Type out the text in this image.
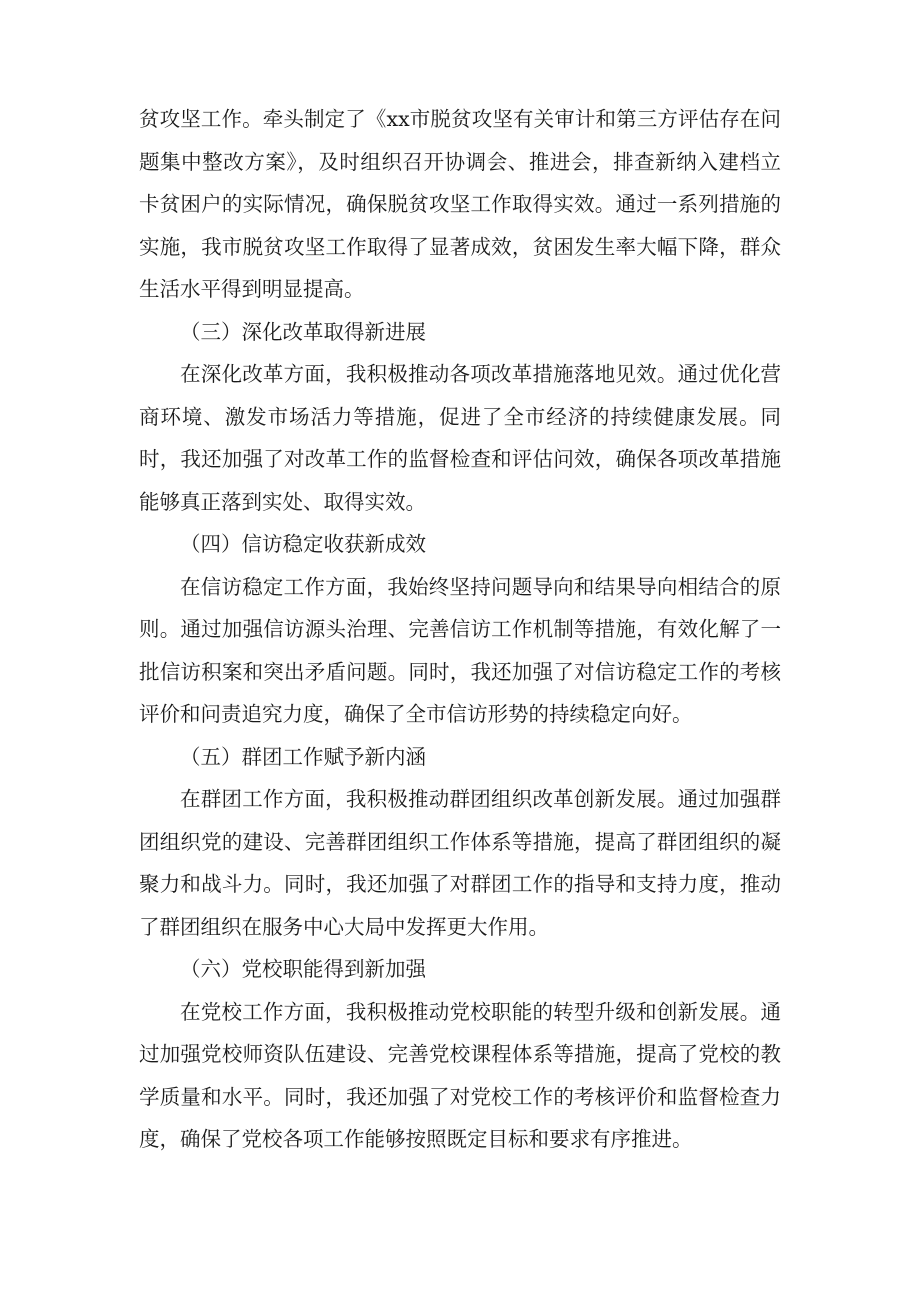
贫攻坚工作。牵头制定了《xx市脱贫攻坚有关审计和第三方评估存在问题集中整改方案》，及时组织召开协调会、推进会，排查新纳入建档立卡贫困户的实际情况，确保脱贫攻坚工作取得实效。通过一系列措施的实施，我市脱贫攻坚工作取得了显著成效，贫困发生率大幅下降，群众生活水平得到明显提高。

（三）深化改革取得新进展

在深化改革方面，我积极推动各项改革措施落地见效。通过优化营商环境、激发市场活力等措施，促进了全市经济的持续健康发展。同时，我还加强了对改革工作的监督检查和评估问效，确保各项改革措施能够真正落到实处、取得实效。

（四）信访稳定收获新成效

在信访稳定工作方面，我始终坚持问题导向和结果导向相结合的原则。通过加强信访源头治理、完善信访工作机制等措施，有效化解了一批信访积案和突出矛盾问题。同时，我还加强了对信访稳定工作的考核评价和问责追究力度，确保了全市信访形势的持续稳定向好。

（五）群团工作赋予新内涵

在群团工作方面，我积极推动群团组织改革创新发展。通过加强群团组织党的建设、完善群团组织工作体系等措施，提高了群团组织的凝聚力和战斗力。同时，我还加强了对群团工作的指导和支持力度，推动了群团组织在服务中心大局中发挥更大作用。

（六）党校职能得到新加强

在党校工作方面，我积极推动党校职能的转型升级和创新发展。通过加强党校师资队伍建设、完善党校课程体系等措施，提高了党校的教学质量和水平。同时，我还加强了对党校工作的考核评价和监督检查力度，确保了党校各项工作能够按照既定目标和要求有序推进。
